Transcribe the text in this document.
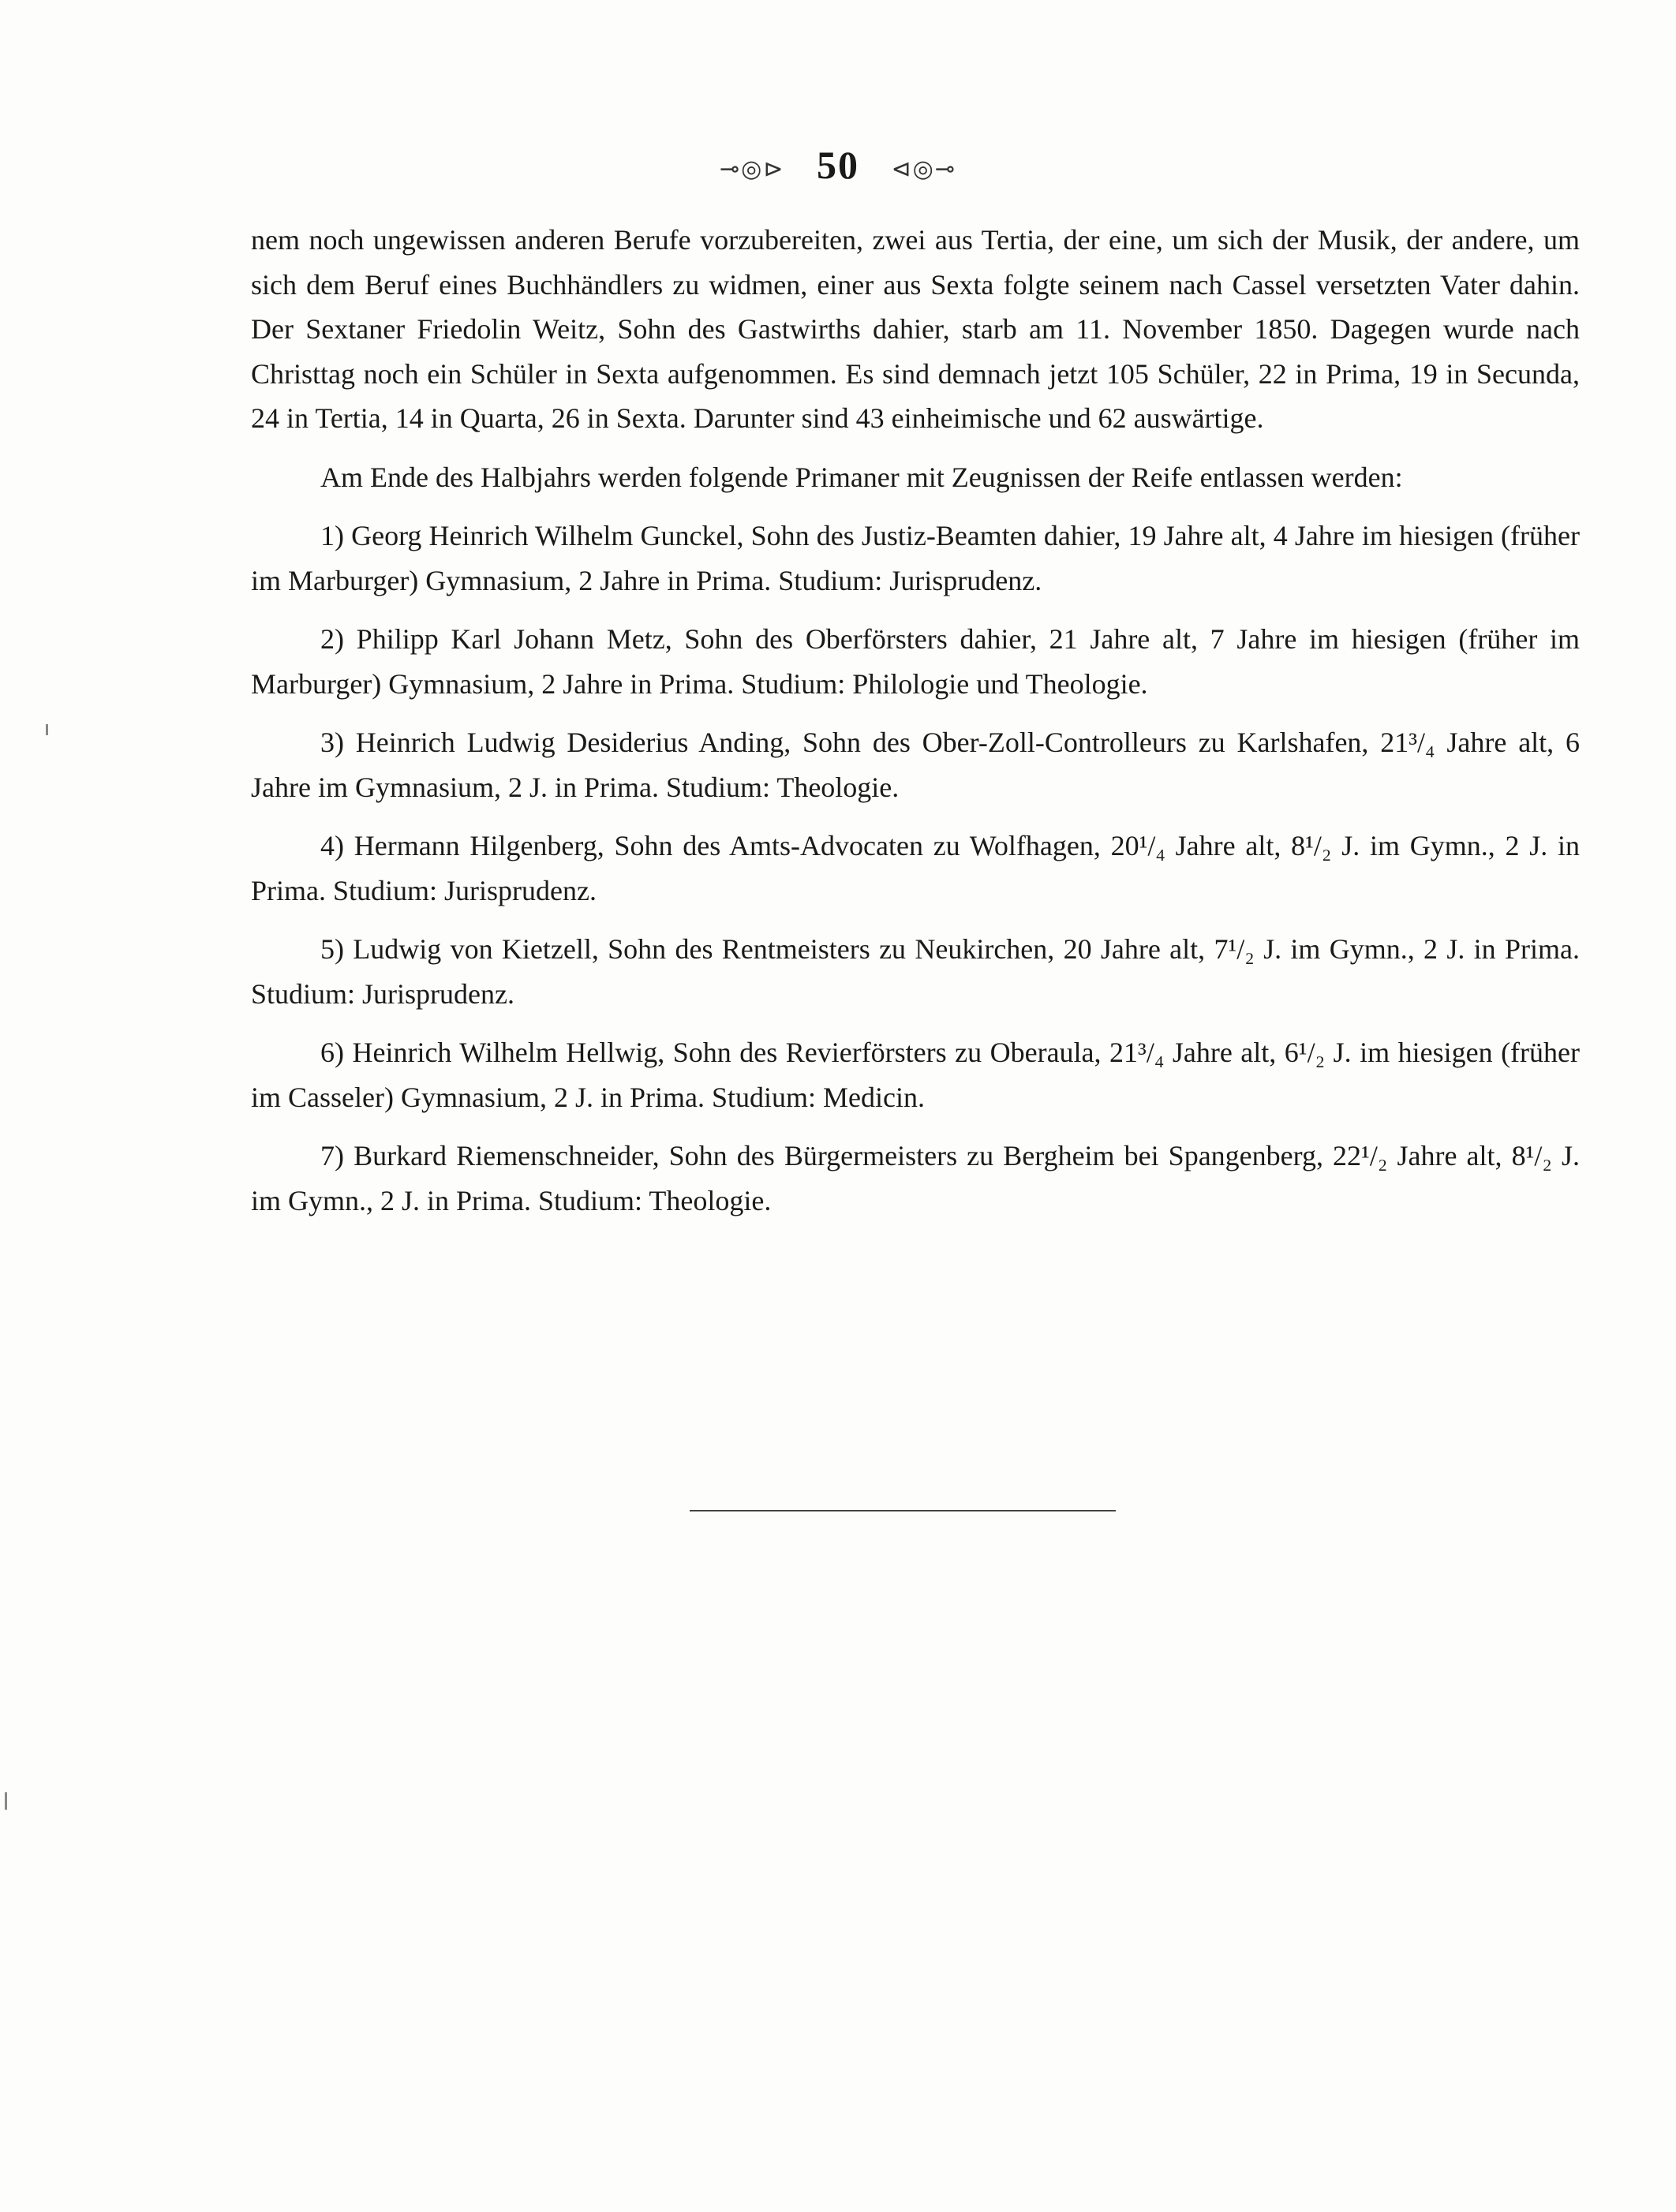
⊸◎⊳ 50 ⊲◎⊸

nem noch ungewissen anderen Berufe vorzubereiten, zwei aus Tertia, der eine, um sich der Musik, der andere, um sich dem Beruf eines Buchhändlers zu widmen, einer aus Sexta folgte seinem nach Cassel versetzten Vater dahin. Der Sextaner Friedolin Weitz, Sohn des Gastwirths dahier, starb am 11. November 1850. Dagegen wurde nach Christtag noch ein Schüler in Sexta aufgenommen. Es sind demnach jetzt 105 Schüler, 22 in Prima, 19 in Secunda, 24 in Tertia, 14 in Quarta, 26 in Sexta. Darunter sind 43 einheimische und 62 auswärtige.

Am Ende des Halbjahrs werden folgende Primaner mit Zeugnissen der Reife entlassen werden:

1) Georg Heinrich Wilhelm Gunckel, Sohn des Justiz-Beamten dahier, 19 Jahre alt, 4 Jahre im hiesigen (früher im Marburger) Gymnasium, 2 Jahre in Prima. Studium: Jurisprudenz.

2) Philipp Karl Johann Metz, Sohn des Oberförsters dahier, 21 Jahre alt, 7 Jahre im hiesigen (früher im Marburger) Gymnasium, 2 Jahre in Prima. Studium: Philologie und Theologie.

3) Heinrich Ludwig Desiderius Anding, Sohn des Ober-Zoll-Controlleurs zu Karlshafen, 21³/₄ Jahre alt, 6 Jahre im Gymnasium, 2 J. in Prima. Studium: Theologie.

4) Hermann Hilgenberg, Sohn des Amts-Advocaten zu Wolfhagen, 20¹/₄ Jahre alt, 8¹/₂ J. im Gymn., 2 J. in Prima. Studium: Jurisprudenz.

5) Ludwig von Kietzell, Sohn des Rentmeisters zu Neukirchen, 20 Jahre alt, 7¹/₂ J. im Gymn., 2 J. in Prima. Studium: Jurisprudenz.

6) Heinrich Wilhelm Hellwig, Sohn des Revierförsters zu Oberaula, 21³/₄ Jahre alt, 6¹/₂ J. im hiesigen (früher im Casseler) Gymnasium, 2 J. in Prima. Studium: Medicin.

7) Burkard Riemenschneider, Sohn des Bürgermeisters zu Bergheim bei Spangenberg, 22¹/₂ Jahre alt, 8¹/₂ J. im Gymn., 2 J. in Prima. Studium: Theologie.
